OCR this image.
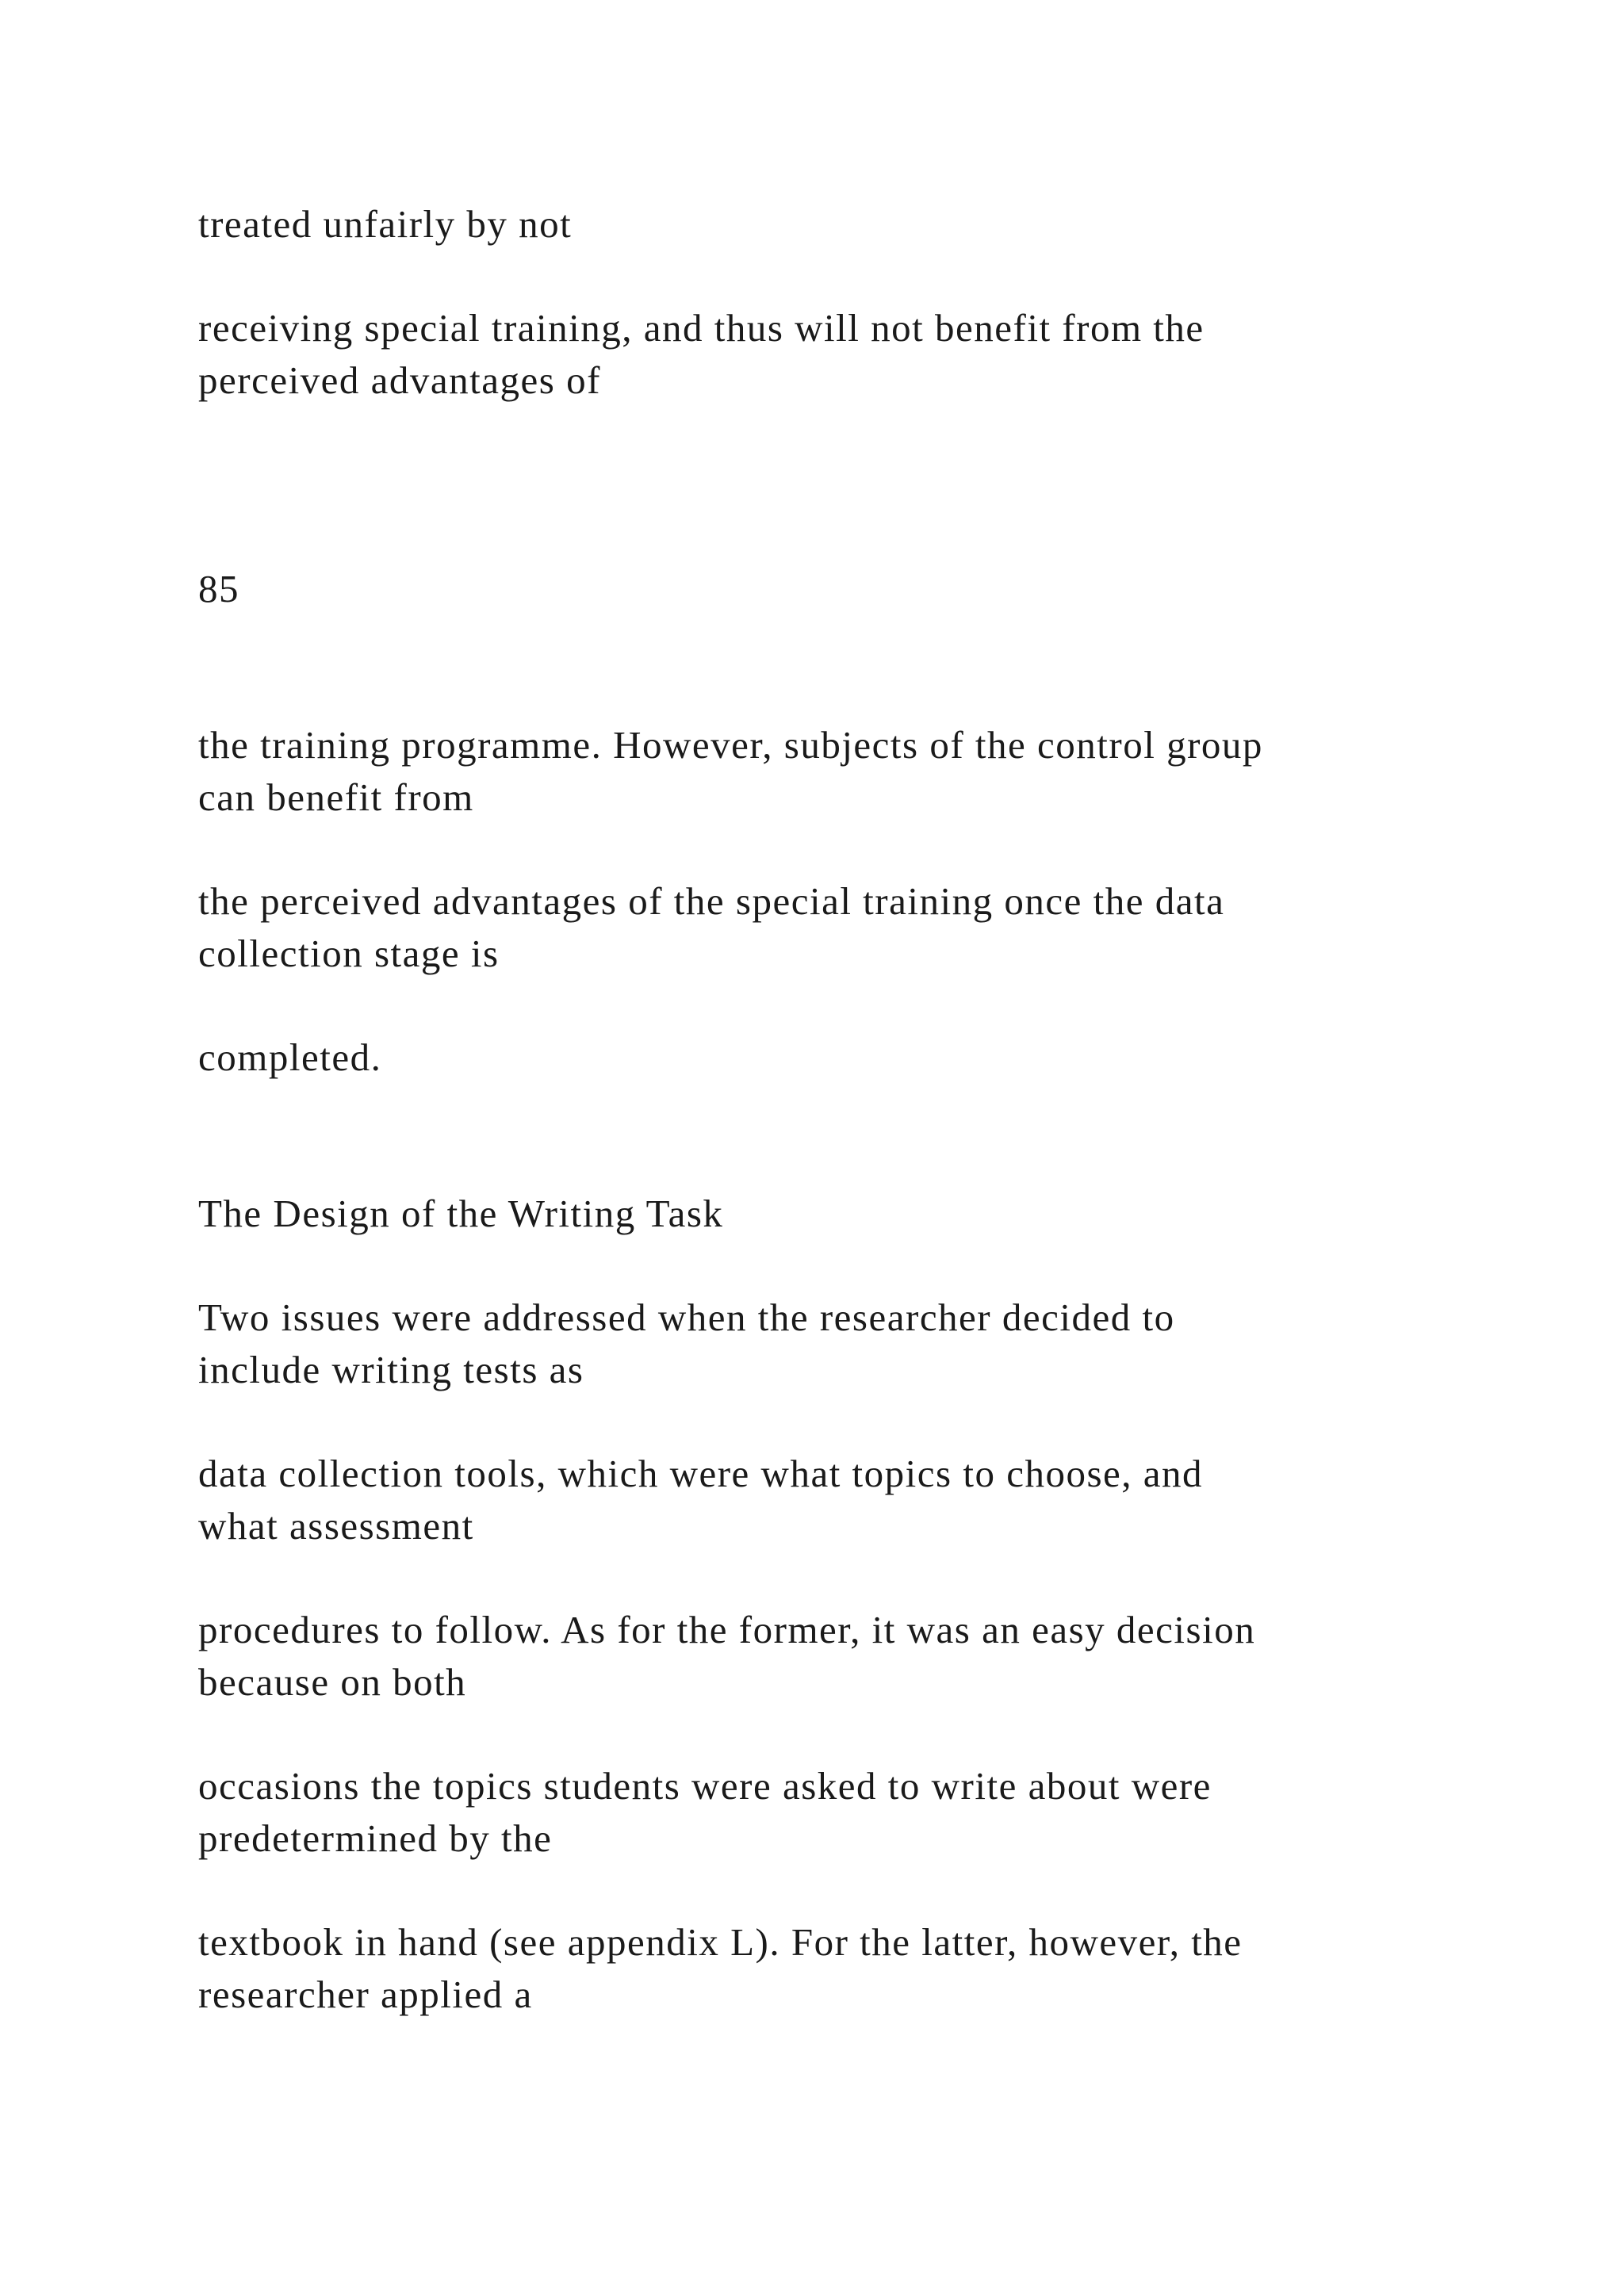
treated unfairly by not

receiving special training, and thus will not benefit from the

perceived advantages of

85

the training programme. However, subjects of the control group

can benefit from

the perceived advantages of the special training once the data

collection stage is

completed.

The Design of the Writing Task

Two issues were addressed when the researcher decided to

include writing tests as

data collection tools, which were what topics to choose, and

what assessment

procedures to follow. As for the former, it was an easy decision

because on both

occasions the topics students were asked to write about were

predetermined by the

textbook in hand (see appendix L). For the latter, however, the

researcher applied a
